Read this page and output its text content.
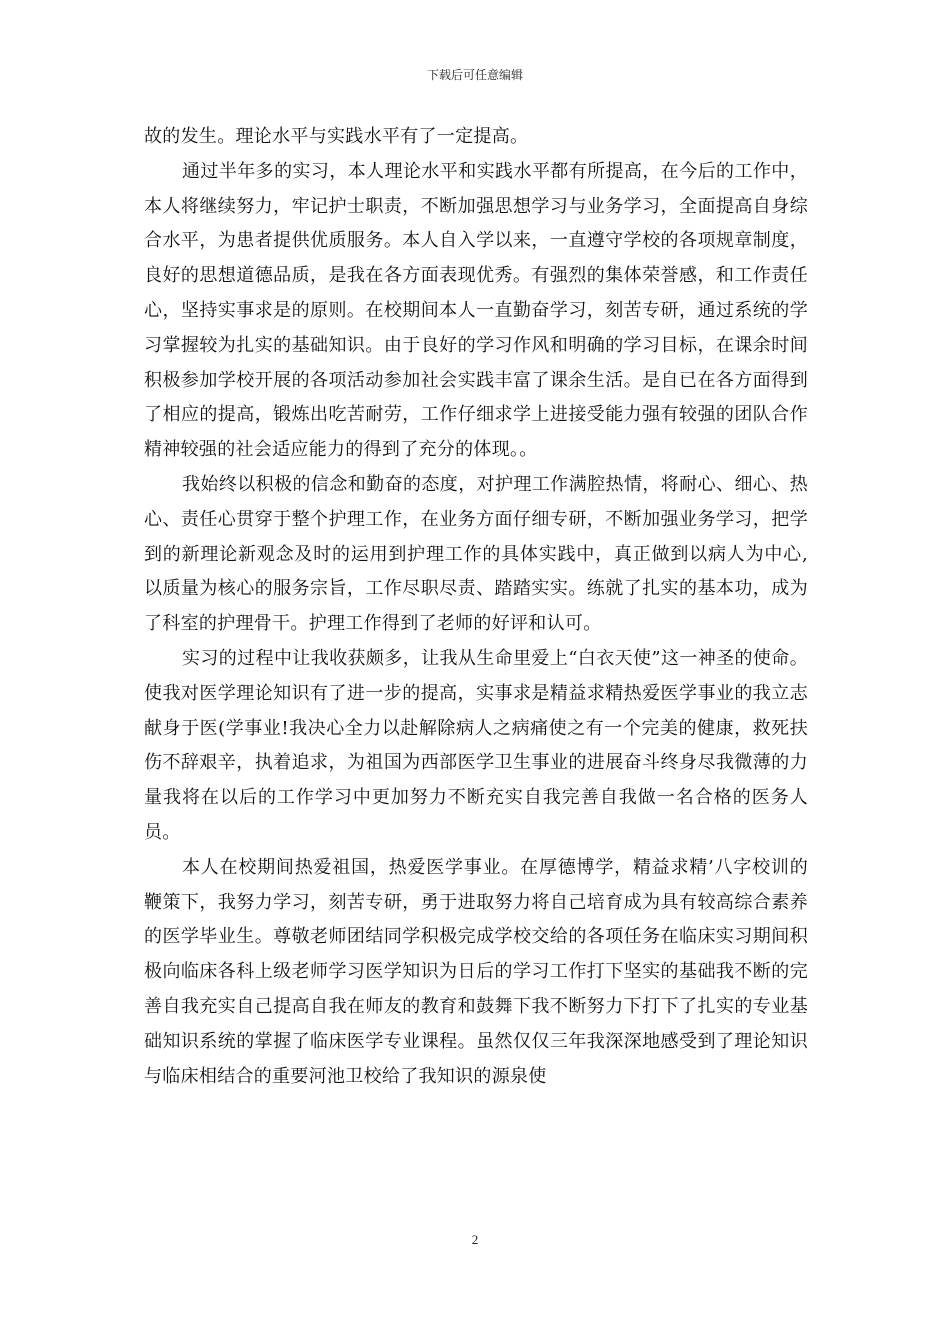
下载后可任意编辑

故的发生。理论水平与实践水平有了一定提高。

通过半年多的实习，本人理论水平和实践水平都有所提高，在今后的工作中，本人将继续努力，牢记护士职责，不断加强思想学习与业务学习，全面提高自身综合水平，为患者提供优质服务。本人自入学以来，一直遵守学校的各项规章制度，良好的思想道德品质，是我在各方面表现优秀。有强烈的集体荣誉感，和工作责任心，坚持实事求是的原则。在校期间本人一直勤奋学习，刻苦专研，通过系统的学习掌握较为扎实的基础知识。由于良好的学习作风和明确的学习目标，在课余时间积极参加学校开展的各项活动参加社会实践丰富了课余生活。是自已在各方面得到了相应的提高，锻炼出吃苦耐劳，工作仔细求学上进接受能力强有较强的团队合作精神较强的社会适应能力的得到了充分的体现。。

我始终以积极的信念和勤奋的态度，对护理工作满腔热情，将耐心、细心、热心、责任心贯穿于整个护理工作，在业务方面仔细专研，不断加强业务学习，把学到的新理论新观念及时的运用到护理工作的具体实践中，真正做到以病人为中心,以质量为核心的服务宗旨，工作尽职尽责、踏踏实实。练就了扎实的基本功，成为了科室的护理骨干。护理工作得到了老师的好评和认可。

实习的过程中让我收获颇多，让我从生命里爱上“白衣天使”这一神圣的使命。使我对医学理论知识有了进一步的提高，实事求是精益求精热爱医学事业的我立志献身于医(学事业!我决心全力以赴解除病人之病痛使之有一个完美的健康，救死扶伤不辞艰辛，执着追求，为祖国为西部医学卫生事业的进展奋斗终身尽我微薄的力量我将在以后的工作学习中更加努力不断充实自我完善自我做一名合格的医务人员。

本人在校期间热爱祖国，热爱医学事业。在厚德博学，精益求精’八字校训的鞭策下，我努力学习，刻苦专研，勇于进取努力将自己培育成为具有较高综合素养的医学毕业生。尊敬老师团结同学积极完成学校交给的各项任务在临床实习期间积极向临床各科上级老师学习医学知识为日后的学习工作打下坚实的基础我不断的完善自我充实自己提高自我在师友的教育和鼓舞下我不断努力下打下了扎实的专业基础知识系统的掌握了临床医学专业课程。虽然仅仅三年我深深地感受到了理论知识与临床相结合的重要河池卫校给了我知识的源泉使

2
